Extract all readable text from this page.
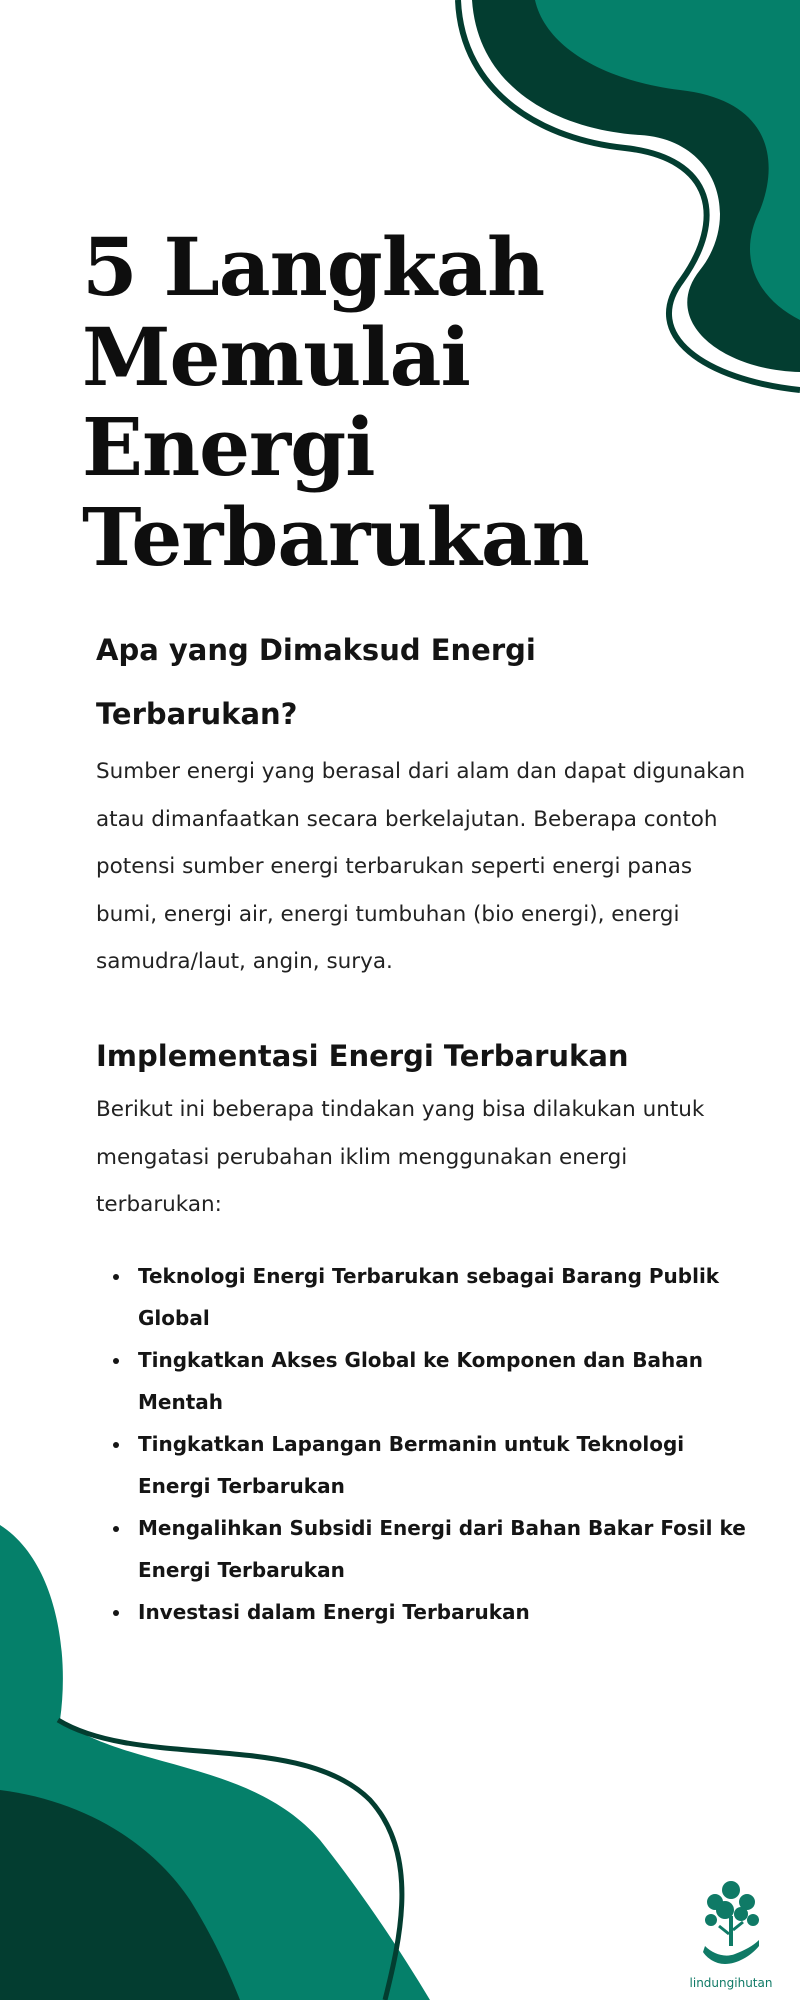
5 Langkah
Memulai
Energi
Terbarukan
Apa yang Dimaksud Energi Terbarukan?

Sumber energi yang berasal dari alam dan dapat digunakan atau dimanfaatkan secara berkelajutan. Beberapa contoh potensi sumber energi terbarukan seperti energi panas bumi, energi air, energi tumbuhan (bio energi), energi samudra/laut, angin, surya.

Implementasi Energi Terbarukan

Berikut ini beberapa tindakan yang bisa dilakukan untuk mengatasi perubahan iklim menggunakan energi terbarukan:

• Teknologi Energi Terbarukan sebagai Barang Publik Global
• Tingkatkan Akses Global ke Komponen dan Bahan Mentah
• Tingkatkan Lapangan Bermanin untuk Teknologi Energi Terbarukan
• Mengalihkan Subsidi Energi dari Bahan Bakar Fosil ke Energi Terbarukan
• Investasi dalam Energi Terbarukan
lindungihutan
